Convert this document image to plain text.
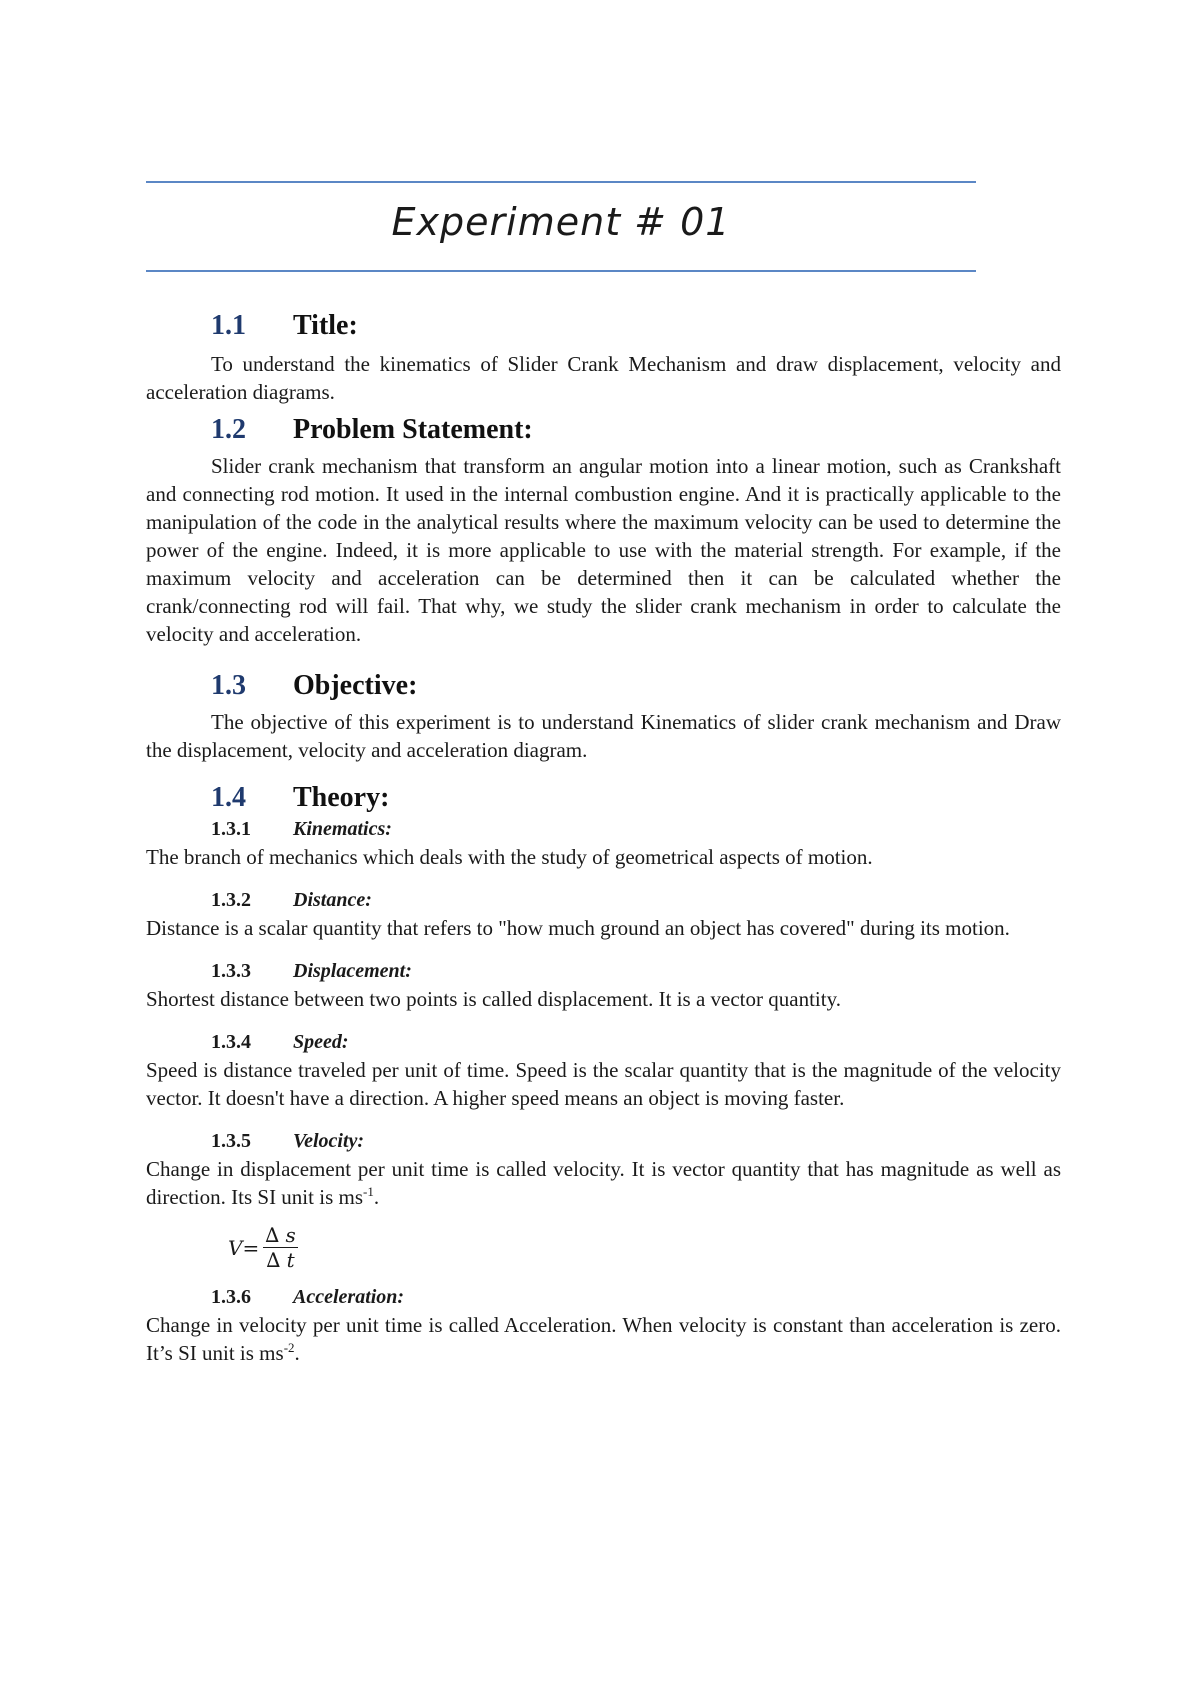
Experiment # 01
1.1	Title:

To understand the kinematics of Slider Crank Mechanism and draw displacement, velocity and acceleration diagrams.

1.2	Problem Statement:

Slider crank mechanism that transform an angular motion into a linear motion, such as Crankshaft and connecting rod motion. It used in the internal combustion engine. And it is practically applicable to the manipulation of the code in the analytical results where the maximum velocity can be used to determine the power of the engine. Indeed, it is more applicable to use with the material strength. For example, if the maximum velocity and acceleration can be determined then it can be calculated whether the crank/connecting rod will fail. That why, we study the slider crank mechanism in order to calculate the velocity and acceleration.

1.3	Objective:

The objective of this experiment is to understand Kinematics of slider crank mechanism and Draw the displacement, velocity and acceleration diagram.

1.4	Theory:
1.3.1	Kinematics:

The branch of mechanics which deals with the study of geometrical aspects of motion.

1.3.2	Distance:

Distance is a scalar quantity that refers to "how much ground an object has covered" during its motion.

1.3.3	Displacement:

Shortest distance between two points is called displacement. It is a vector quantity.

1.3.4	Speed:

Speed is distance traveled per unit of time. Speed is the scalar quantity that is the magnitude of the velocity vector. It doesn't have a direction. A higher speed means an object is moving faster.

1.3.5	Velocity:

Change in displacement per unit time is called velocity. It is vector quantity that has magnitude as well as direction. Its SI unit is $ms^{-1}$.

$V= \frac{\Delta s}{\Delta t}$
1.3.6	Acceleration:

Change in velocity per unit time is called Acceleration. When velocity is constant than acceleration is zero. It’s SI unit is $ms^{-2}$.
